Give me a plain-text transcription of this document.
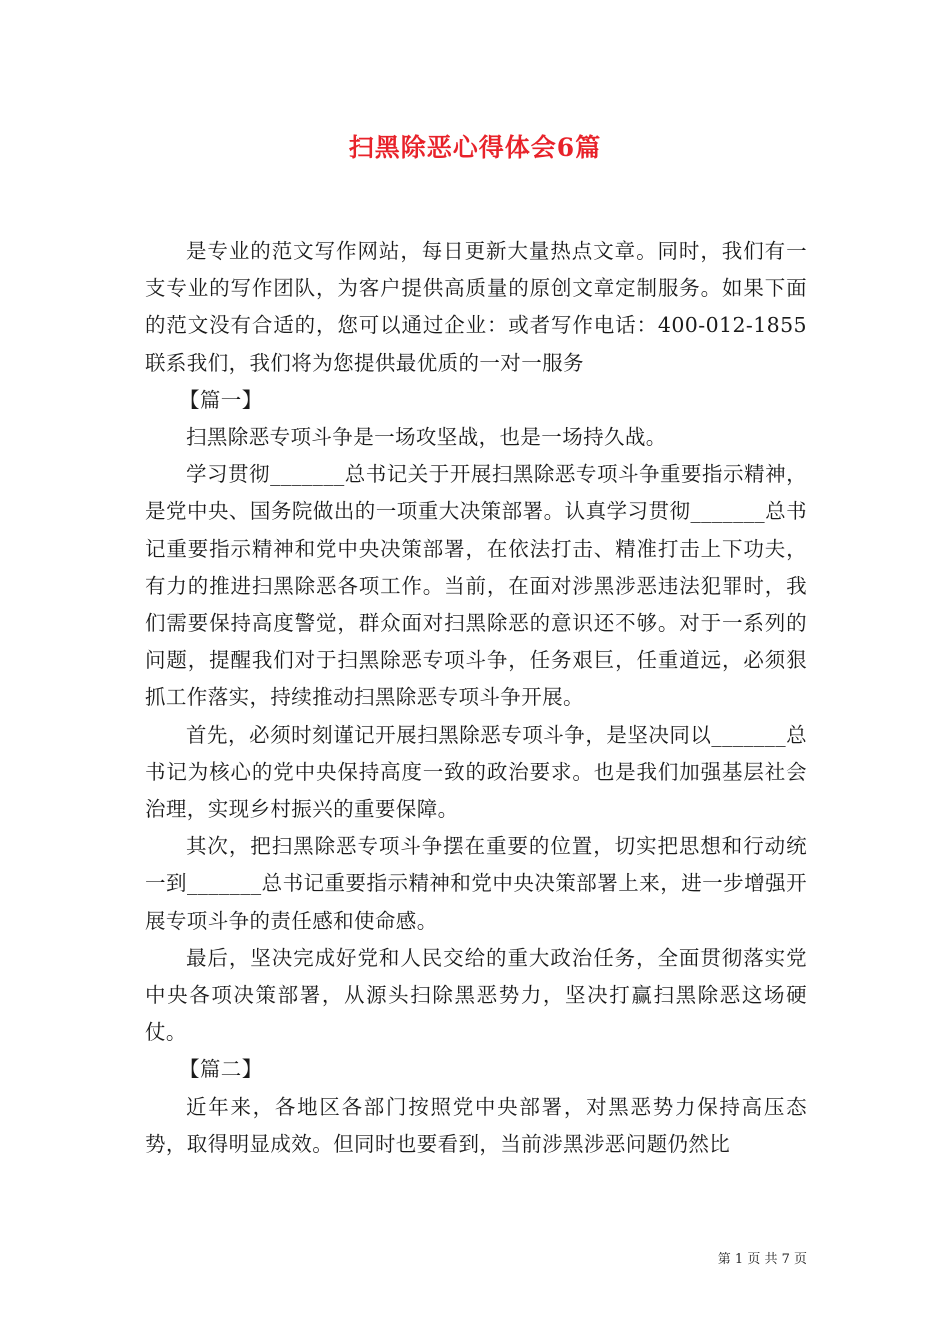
扫黑除恶心得体会6篇

是专业的范文写作网站，每日更新大量热点文章。同时，我们有一支专业的写作团队，为客户提供高质量的原创文章定制服务。如果下面的范文没有合适的，您可以通过企业：或者写作电话：400-012-1855联系我们，我们将为您提供最优质的一对一服务

【篇一】

扫黑除恶专项斗争是一场攻坚战，也是一场持久战。

学习贯彻_______总书记关于开展扫黑除恶专项斗争重要指示精神，是党中央、国务院做出的一项重大决策部署。认真学习贯彻_______总书记重要指示精神和党中央决策部署，在依法打击、精准打击上下功夫，有力的推进扫黑除恶各项工作。当前，在面对涉黑涉恶违法犯罪时，我们需要保持高度警觉，群众面对扫黑除恶的意识还不够。对于一系列的问题，提醒我们对于扫黑除恶专项斗争，任务艰巨，任重道远，必须狠抓工作落实，持续推动扫黑除恶专项斗争开展。

首先，必须时刻谨记开展扫黑除恶专项斗争，是坚决同以_______总书记为核心的党中央保持高度一致的政治要求。也是我们加强基层社会治理，实现乡村振兴的重要保障。

其次，把扫黑除恶专项斗争摆在重要的位置，切实把思想和行动统一到_______总书记重要指示精神和党中央决策部署上来，进一步增强开展专项斗争的责任感和使命感。

最后，坚决完成好党和人民交给的重大政治任务，全面贯彻落实党中央各项决策部署，从源头扫除黑恶势力，坚决打赢扫黑除恶这场硬仗。

【篇二】

近年来，各地区各部门按照党中央部署，对黑恶势力保持高压态势，取得明显成效。但同时也要看到，当前涉黑涉恶问题仍然比

第 1 页 共 7 页
